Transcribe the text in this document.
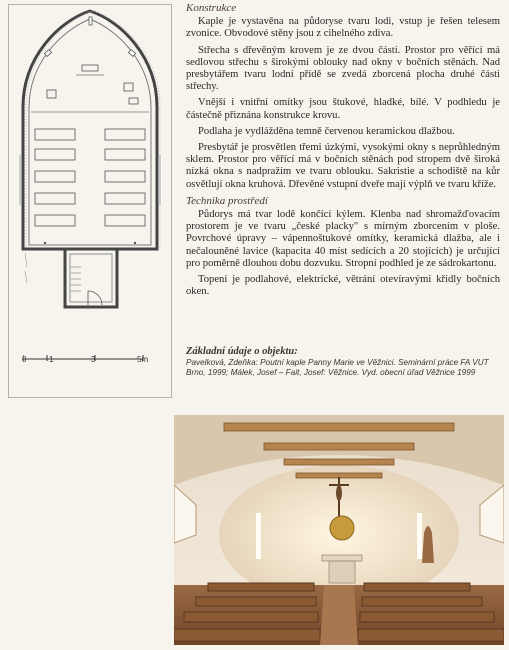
0	1	3	5m
Konstrukce

Kaple je vystavěna na půdoryse tvaru lodi, vstup je řešen telesem zvonice. Obvodové stěny jsou z cihelného zdiva.

Střecha s dřevěným krovem je ze dvou částí. Prostor pro věřící má sedlovou střechu s širokými oblouky nad okny v bočních stěnách. Nad presbytářem tvaru lodní přídě se zvedá zborcená plocha druhé části střechy.

Vnější i vnitřní omítky jsou štukové, hladké, bílé. V podhledu je částečně přiznána konstrukce krovu.

Podlaha je vydlážděna temně červenou keramickou dlažbou.

Presbytář je prosvětlen třemi úzkými, vysokými okny s neprůhledným sklem. Prostor pro věřící má v bočních stěnách pod stropem dvě široká nízká okna s nadpražím ve tvaru oblouku. Sakristie a schodiště na kůr osvětlují okna kruhová. Dřevěné vstupní dveře mají výplň ve tvaru kříže.

Technika prostředí

Půdorys má tvar lodě končící kýlem. Klenba nad shromažďovacím prostorem je ve tvaru „české placky" s mírným zborcením v ploše. Povrchové úpravy – vápennoštukové omítky, keramická dlažba, ale i nečalouněné lavice (kapacita 40 míst sedících a 20 stojících) je určující pro poměrně dlouhou dobu dozvuku. Stropní podhled je ze sádrokartonu.

Topení je podlahové, elektrické, větrání otevíravými křídly bočních oken.

Základní údaje o objektu:
Pavelková, Zdeňka: Poutní kaple Panny Marie ve Věžnici. Seminární práce FA VUT Brno, 1999; Málek, Josef – Fait, Josef: Věžnice. Vyd. obecní úřad Věžnice 1999
